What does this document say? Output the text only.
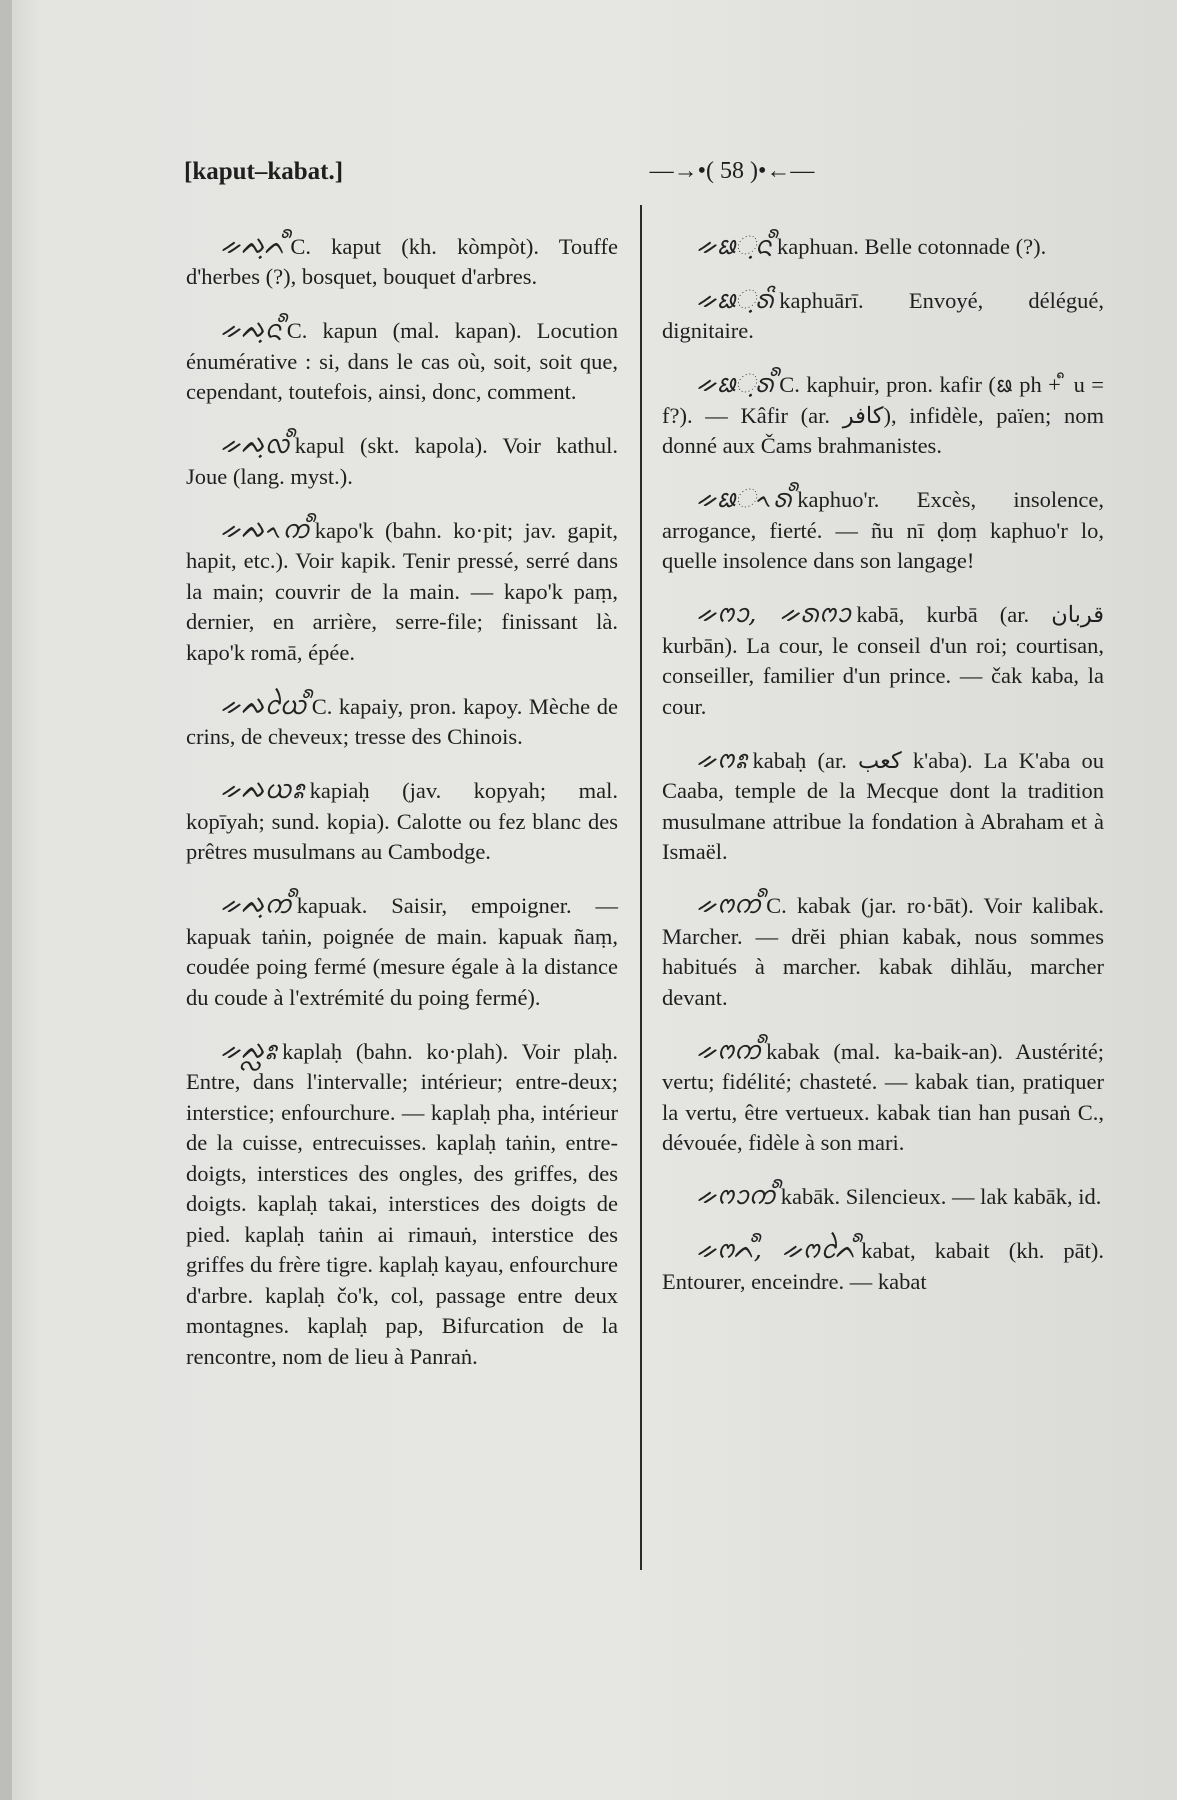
[kaput–kabat.]	—→•( 58 )•←—

ᨀᨄᨘᨈ᩺ C. kaput (kh. kòmpòt). Touffe d'herbes (?), bosquet, bouquet d'arbres.

ᨀᨄᨘᨶ᩺ C. kapun (mal. kapan). Locution énumérative : si, dans le cas où, soit, soit que, cependant, toutefois, ainsi, donc, comment.

ᨀᨄᨘᩃ᩺ kapul (skt. kapola). Voir kathul. Joue (lang. myst.).

ᨀᨄᨚᨠ᩺ kapo'k (bahn. ko·pit; jav. gapit, hapit, etc.). Voir kapik. Tenir pressé, serré dans la main; couvrir de la main. — kapo'k paṃ, dernier, en arrière, serre-file; finissant là. kapo'k romā, épée.

ᨀᨄᩱᨿ᩺ C. kapaiy, pron. kapoy. Mèche de crins, de cheveux; tresse des Chinois.

ᨀᨄᨿᩡ kapiaḥ (jav. kopyah; mal. kopīyah; sund. kopia). Calotte ou fez blanc des prêtres musulmans au Cambodge.

ᨀᨄᨘᨠ᩺ kapuak. Saisir, empoigner. — kapuak taṅin, poignée de main. kapuak ñaṃ, coudée poing fermé (mesure égale à la distance du coude à l'extrémité du poing fermé).

ᨀᨄᩖᩡ kaplaḥ (bahn. ko·plah). Voir plaḥ. Entre, dans l'intervalle; intérieur; entre-deux; interstice; enfourchure. — kaplaḥ pha, intérieur de la cuisse, entrecuisses. kaplaḥ taṅin, entre-doigts, interstices des ongles, des griffes, des doigts. kaplaḥ takai, interstices des doigts de pied. kaplaḥ taṅin ai rimauṅ, interstice des griffes du frère tigre. kaplaḥ kayau, enfourchure d'arbre. kaplaḥ čo'k, col, passage entre deux montagnes. kaplaḥ pap, Bifurcation de la rencontre, nom de lieu à Panraṅ.

ᨀᨹᨘᨶ᩺ kaphuan. Belle cotonnade (?).

ᨀᨹᨘᩁᩦ kaphuārī. Envoyé, délégué, dignitaire.

ᨀᨹᨘᩁ᩺ C. kaphuir, pron. kafir (ᨹ ph + ᩥ u = f?). — Kâfir (ar. كافر), infidèle, païen; nom donné aux Čams brahmanistes.

ᨀᨹᨚᩁ᩺ kaphuo'r. Excès, insolence, arrogance, fierté. — ñu nī ḍoṃ kaphuo'r lo, quelle insolence dans son langage!

ᨀᨻᩣ, ᨀᩁᨻᩣ kabā, kurbā (ar. قربان kurbān). La cour, le conseil d'un roi; courtisan, conseiller, familier d'un prince. — čak kaba, la cour.

ᨀᨻᩡ kabaḥ (ar. كعب k'aba). La K'aba ou Caaba, temple de la Mecque dont la tradition musulmane attribue la fondation à Abraham et à Ismaël.

ᨀᨻᨠ᩺ C. kabak (jar. ro·bāt). Voir kalibak. Marcher. — drĕi phian kabak, nous sommes habitués à marcher. kabak dihlău, marcher devant.

ᨀᨻᨠ᩺ kabak (mal. ka-baik-an). Austérité; vertu; fidélité; chasteté. — kabak tian, pratiquer la vertu, être vertueux. kabak tian han pusaṅ C., dévouée, fidèle à son mari.

ᨀᨻᩣᨠ᩺ kabāk. Silencieux. — lak kabāk, id.

ᨀᨻᨈ᩺, ᨀᨻᩱᨈ᩺ kabat, kabait (kh. pāt). Entourer, enceindre. — kabat
